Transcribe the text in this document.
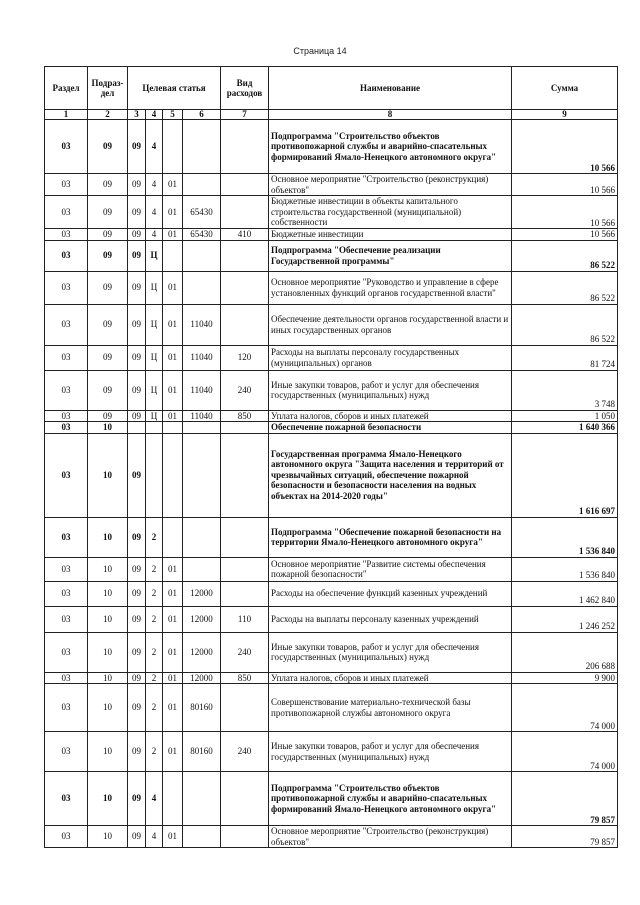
Страница 14
Раздел	Подраз-дел	Целевая статья				Вид расходов	Наименование	Сумма
1	2	3	4	5	6	7	8	9
03	09	09	4				Подпрограмма "Строительство объектов противопожарной службы и аварийно-спасательных формирований Ямало-Ненецкого автономного округа"	10 566
03	09	09	4	01			Основное мероприятие "Строительство (реконструкция) объектов"	10 566
03	09	09	4	01	65430		Бюджетные инвестиции в объекты капитального строительства государственной (муниципальной) собственности	10 566
03	09	09	4	01	65430	410	Бюджетные инвестиции	10 566
03	09	09	Ц				Подпрограмма "Обеспечение реализации Государственной программы"	86 522
03	09	09	Ц	01			Основное мероприятие "Руководство и управление в сфере установленных функций органов государственной власти"	86 522
03	09	09	Ц	01	11040		Обеспечение деятельности органов государственной власти и иных государственных органов	86 522
03	09	09	Ц	01	11040	120	Расходы на выплаты персоналу государственных (муниципальных) органов	81 724
03	09	09	Ц	01	11040	240	Иные закупки товаров, работ и услуг для обеспечения государственных (муниципальных) нужд	3 748
03	09	09	Ц	01	11040	850	Уплата налогов, сборов и иных платежей	1 050
03	10						Обеспечение пожарной безопасности	1 640 366
03	10	09					Государственная программа Ямало-Ненецкого автономного округа "Защита населения и территорий от чрезвычайных ситуаций, обеспечение пожарной безопасности и безопасности населения на водных объектах на 2014-2020 годы"	1 616 697
03	10	09	2				Подпрограмма "Обеспечение пожарной безопасности на территории Ямало-Ненецкого автономного округа"	1 536 840
03	10	09	2	01			Основное мероприятие "Развитие системы обеспечения пожарной безопасности"	1 536 840
03	10	09	2	01	12000		Расходы на обеспечение функций казенных учреждений	1 462 840
03	10	09	2	01	12000	110	Расходы на выплаты персоналу казенных учреждений	1 246 252
03	10	09	2	01	12000	240	Иные закупки товаров, работ и услуг для обеспечения государственных (муниципальных) нужд	206 688
03	10	09	2	01	12000	850	Уплата налогов, сборов и иных платежей	9 900
03	10	09	2	01	80160		Совершенствование материально-технической базы противопожарной службы автономного округа	74 000
03	10	09	2	01	80160	240	Иные закупки товаров, работ и услуг для обеспечения государственных (муниципальных) нужд	74 000
03	10	09	4				Подпрограмма "Строительство объектов противопожарной службы и аварийно-спасательных формирований Ямало-Ненецкого автономного округа"	79 857
03	10	09	4	01			Основное мероприятие "Строительство (реконструкция) объектов"	79 857
